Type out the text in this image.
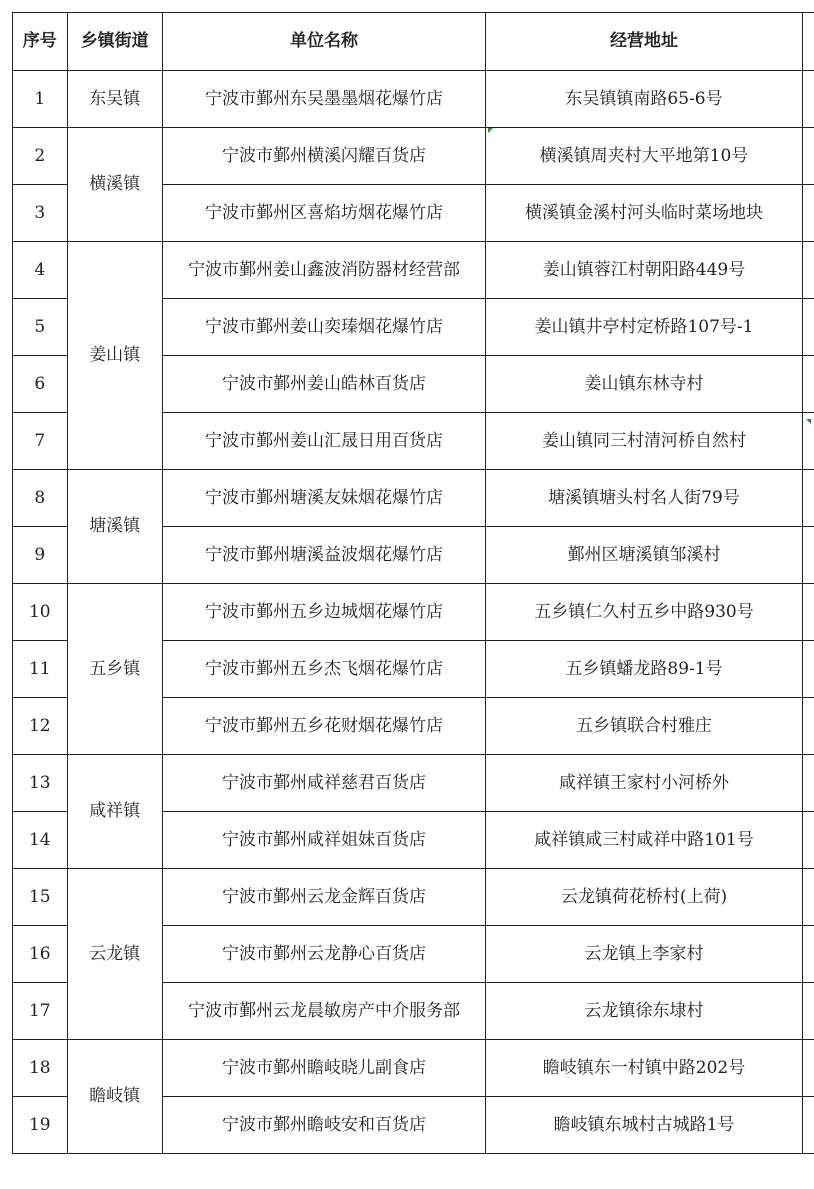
序号	乡镇街道	单位名称	经营地址	
1	东吴镇	宁波市鄞州东吴墨墨烟花爆竹店	东吴镇镇南路65-6号	
2	横溪镇	宁波市鄞州横溪闪耀百货店	横溪镇周夹村大平地第10号	
3		宁波市鄞州区喜焰坊烟花爆竹店	横溪镇金溪村河头临时菜场地块	
4	姜山镇	宁波市鄞州姜山鑫波消防器材经营部	姜山镇蓉江村朝阳路449号	
5		宁波市鄞州姜山奕瑧烟花爆竹店	姜山镇井亭村定桥路107号-1	
6		宁波市鄞州姜山皓林百货店	姜山镇东林寺村	
7		宁波市鄞州姜山汇晟日用百货店	姜山镇同三村清河桥自然村	
8	塘溪镇	宁波市鄞州塘溪友妹烟花爆竹店	塘溪镇塘头村名人街79号	
9		宁波市鄞州塘溪益波烟花爆竹店	鄞州区塘溪镇邹溪村	
10	五乡镇	宁波市鄞州五乡边城烟花爆竹店	五乡镇仁久村五乡中路930号	
11		宁波市鄞州五乡杰飞烟花爆竹店	五乡镇蟠龙路89-1号	
12		宁波市鄞州五乡花财烟花爆竹店	五乡镇联合村雅庄	
13	咸祥镇	宁波市鄞州咸祥慈君百货店	咸祥镇王家村小河桥外	
14		宁波市鄞州咸祥姐妹百货店	咸祥镇咸三村咸祥中路101号	
15	云龙镇	宁波市鄞州云龙金辉百货店	云龙镇荷花桥村(上荷)	
16		宁波市鄞州云龙静心百货店	云龙镇上李家村	
17		宁波市鄞州云龙晨敏房产中介服务部	云龙镇徐东埭村	
18	瞻岐镇	宁波市鄞州瞻岐晓儿副食店	瞻岐镇东一村镇中路202号	
19		宁波市鄞州瞻岐安和百货店	瞻岐镇东城村古城路1号	
